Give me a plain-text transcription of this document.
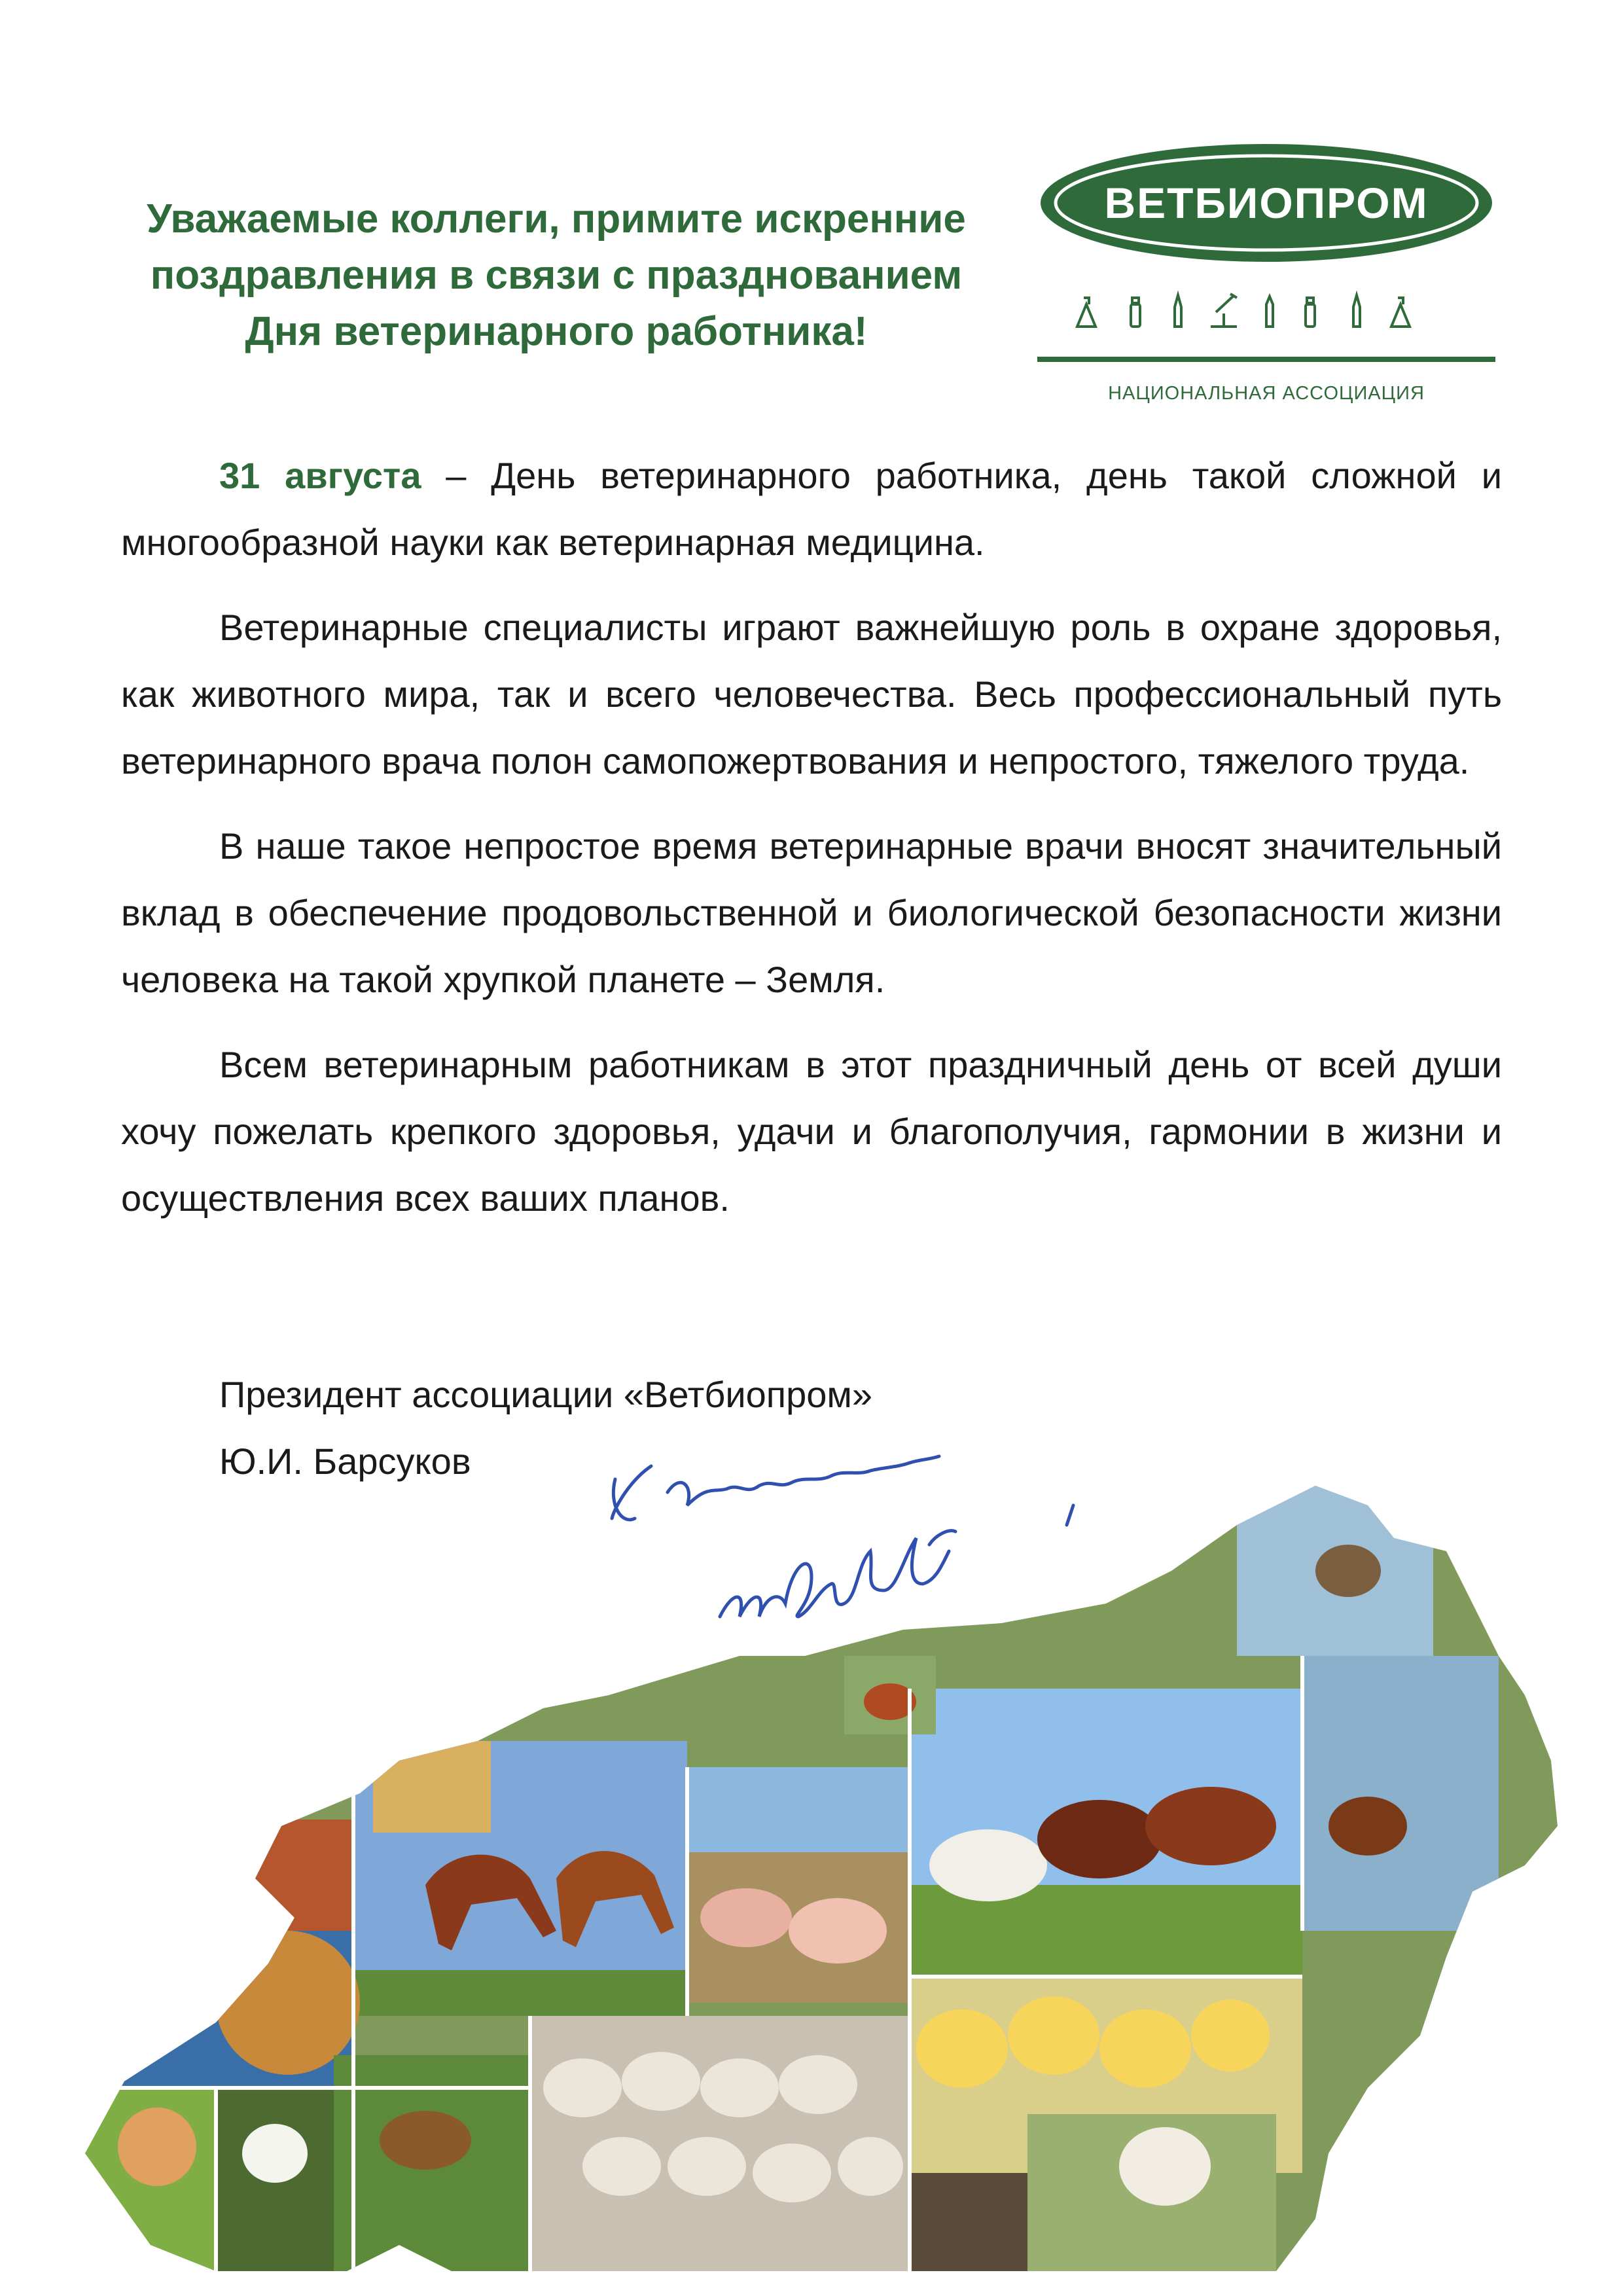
Уважаемые коллеги, примите искренние
поздравления в связи с празднованием
Дня ветеринарного работника!
ВЕТБИОПРОМ
НАЦИОНАЛЬНАЯ АССОЦИАЦИЯ

31 августа – День ветеринарного работника, день такой сложной и многообразной науки как ветеринарная медицина.

Ветеринарные специалисты играют важнейшую роль в охране здоровья, как животного мира, так и всего человечества. Весь профессиональный путь ветеринарного врача полон самопожертвования и непростого, тяжелого труда.

В наше такое непростое время ветеринарные врачи вносят значительный вклад в обеспечение продовольственной и биологической безопасности жизни человека на такой хрупкой планете – Земля.

Всем ветеринарным работникам в этот праздничный день от всей души хочу пожелать крепкого здоровья, удачи и благополучия, гармонии в жизни и осуществления всех ваших планов.

Президент ассоциации «Ветбиопром»
Ю.И. Барсуков
